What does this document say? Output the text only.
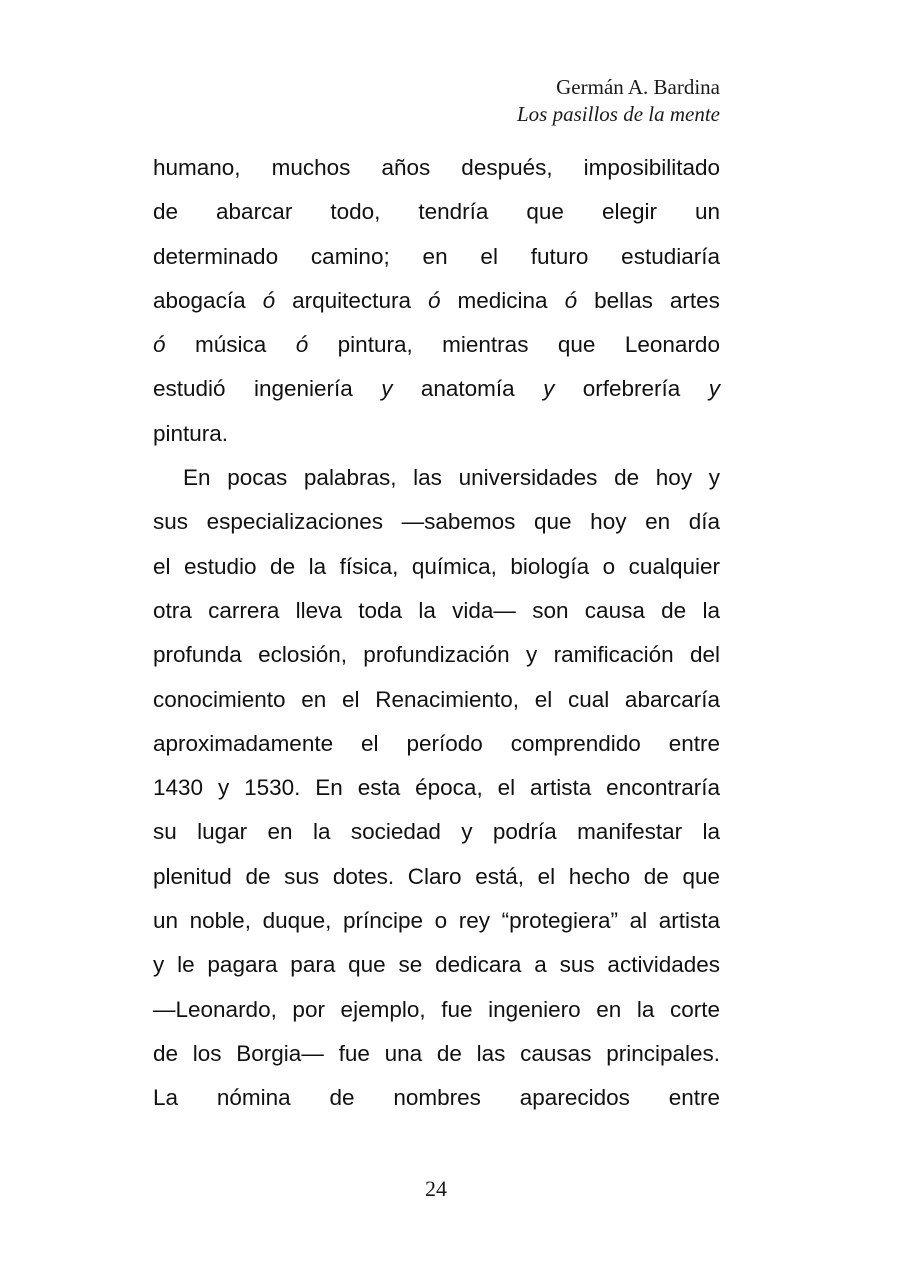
Germán A. Bardina
Los pasillos de la mente
humano, muchos años después, imposibilitado
de abarcar todo, tendría que elegir un
determinado camino; en el futuro estudiaría
abogacía ó arquitectura ó medicina ó bellas artes
ó música ó pintura, mientras que Leonardo
estudió ingeniería y anatomía y orfebrería y
pintura.
En pocas palabras, las universidades de hoy y
sus especializaciones —sabemos que hoy en día
el estudio de la física, química, biología o cualquier
otra carrera lleva toda la vida— son causa de la
profunda eclosión, profundización y ramificación del
conocimiento en el Renacimiento, el cual abarcaría
aproximadamente el período comprendido entre
1430 y 1530. En esta época, el artista encontraría
su lugar en la sociedad y podría manifestar la
plenitud de sus dotes. Claro está, el hecho de que
un noble, duque, príncipe o rey “protegiera” al artista
y le pagara para que se dedicara a sus actividades
—Leonardo, por ejemplo, fue ingeniero en la corte
de los Borgia— fue una de las causas principales.
La nómina de nombres aparecidos entre
24
